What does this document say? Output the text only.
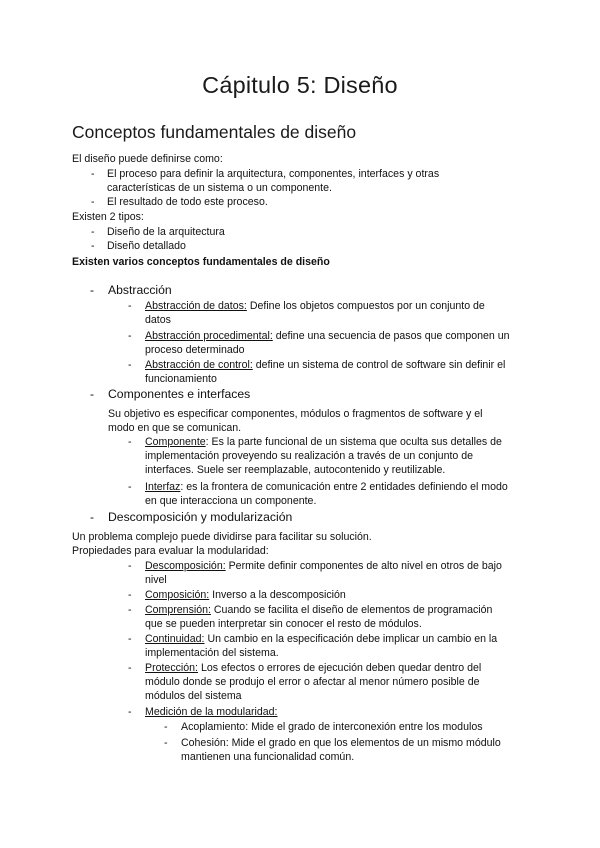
Cápitulo 5: Diseño
Conceptos fundamentales de diseño
El diseño puede definirse como:
- El proceso para definir la arquitectura, componentes, interfaces y otras
características de un sistema o un componente.
- El resultado de todo este proceso.
Existen 2 tipos:
- Diseño de la arquitectura
- Diseño detallado
Existen varios conceptos fundamentales de diseño
- Abstracción
- Abstracción de datos: Define los objetos compuestos por un conjunto de
datos
- Abstracción procedimental: define una secuencia de pasos que componen un
proceso determinado
- Abstracción de control: define un sistema de control de software sin definir el
funcionamiento
- Componentes e interfaces
Su objetivo es especificar componentes, módulos o fragmentos de software y el
modo en que se comunican.
- Componente: Es la parte funcional de un sistema que oculta sus detalles de
implementación proveyendo su realización a través de un conjunto de
interfaces. Suele ser reemplazable, autocontenido y reutilizable.
- Interfaz: es la frontera de comunicación entre 2 entidades definiendo el modo
en que interacciona un componente.
- Descomposición y modularización
Un problema complejo puede dividirse para facilitar su solución.
Propiedades para evaluar la modularidad:
- Descomposición: Permite definir componentes de alto nivel en otros de bajo
nivel
- Composición: Inverso a la descomposición
- Comprensión: Cuando se facilita el diseño de elementos de programación
que se pueden interpretar sin conocer el resto de módulos.
- Continuidad: Un cambio en la especificación debe implicar un cambio en la
implementación del sistema.
- Protección: Los efectos o errores de ejecución deben quedar dentro del
módulo donde se produjo el error o afectar al menor número posible de
módulos del sistema
- Medición de la modularidad:
- Acoplamiento: Mide el grado de interconexión entre los modulos
- Cohesión: Mide el grado en que los elementos de un mismo módulo
mantienen una funcionalidad común.
